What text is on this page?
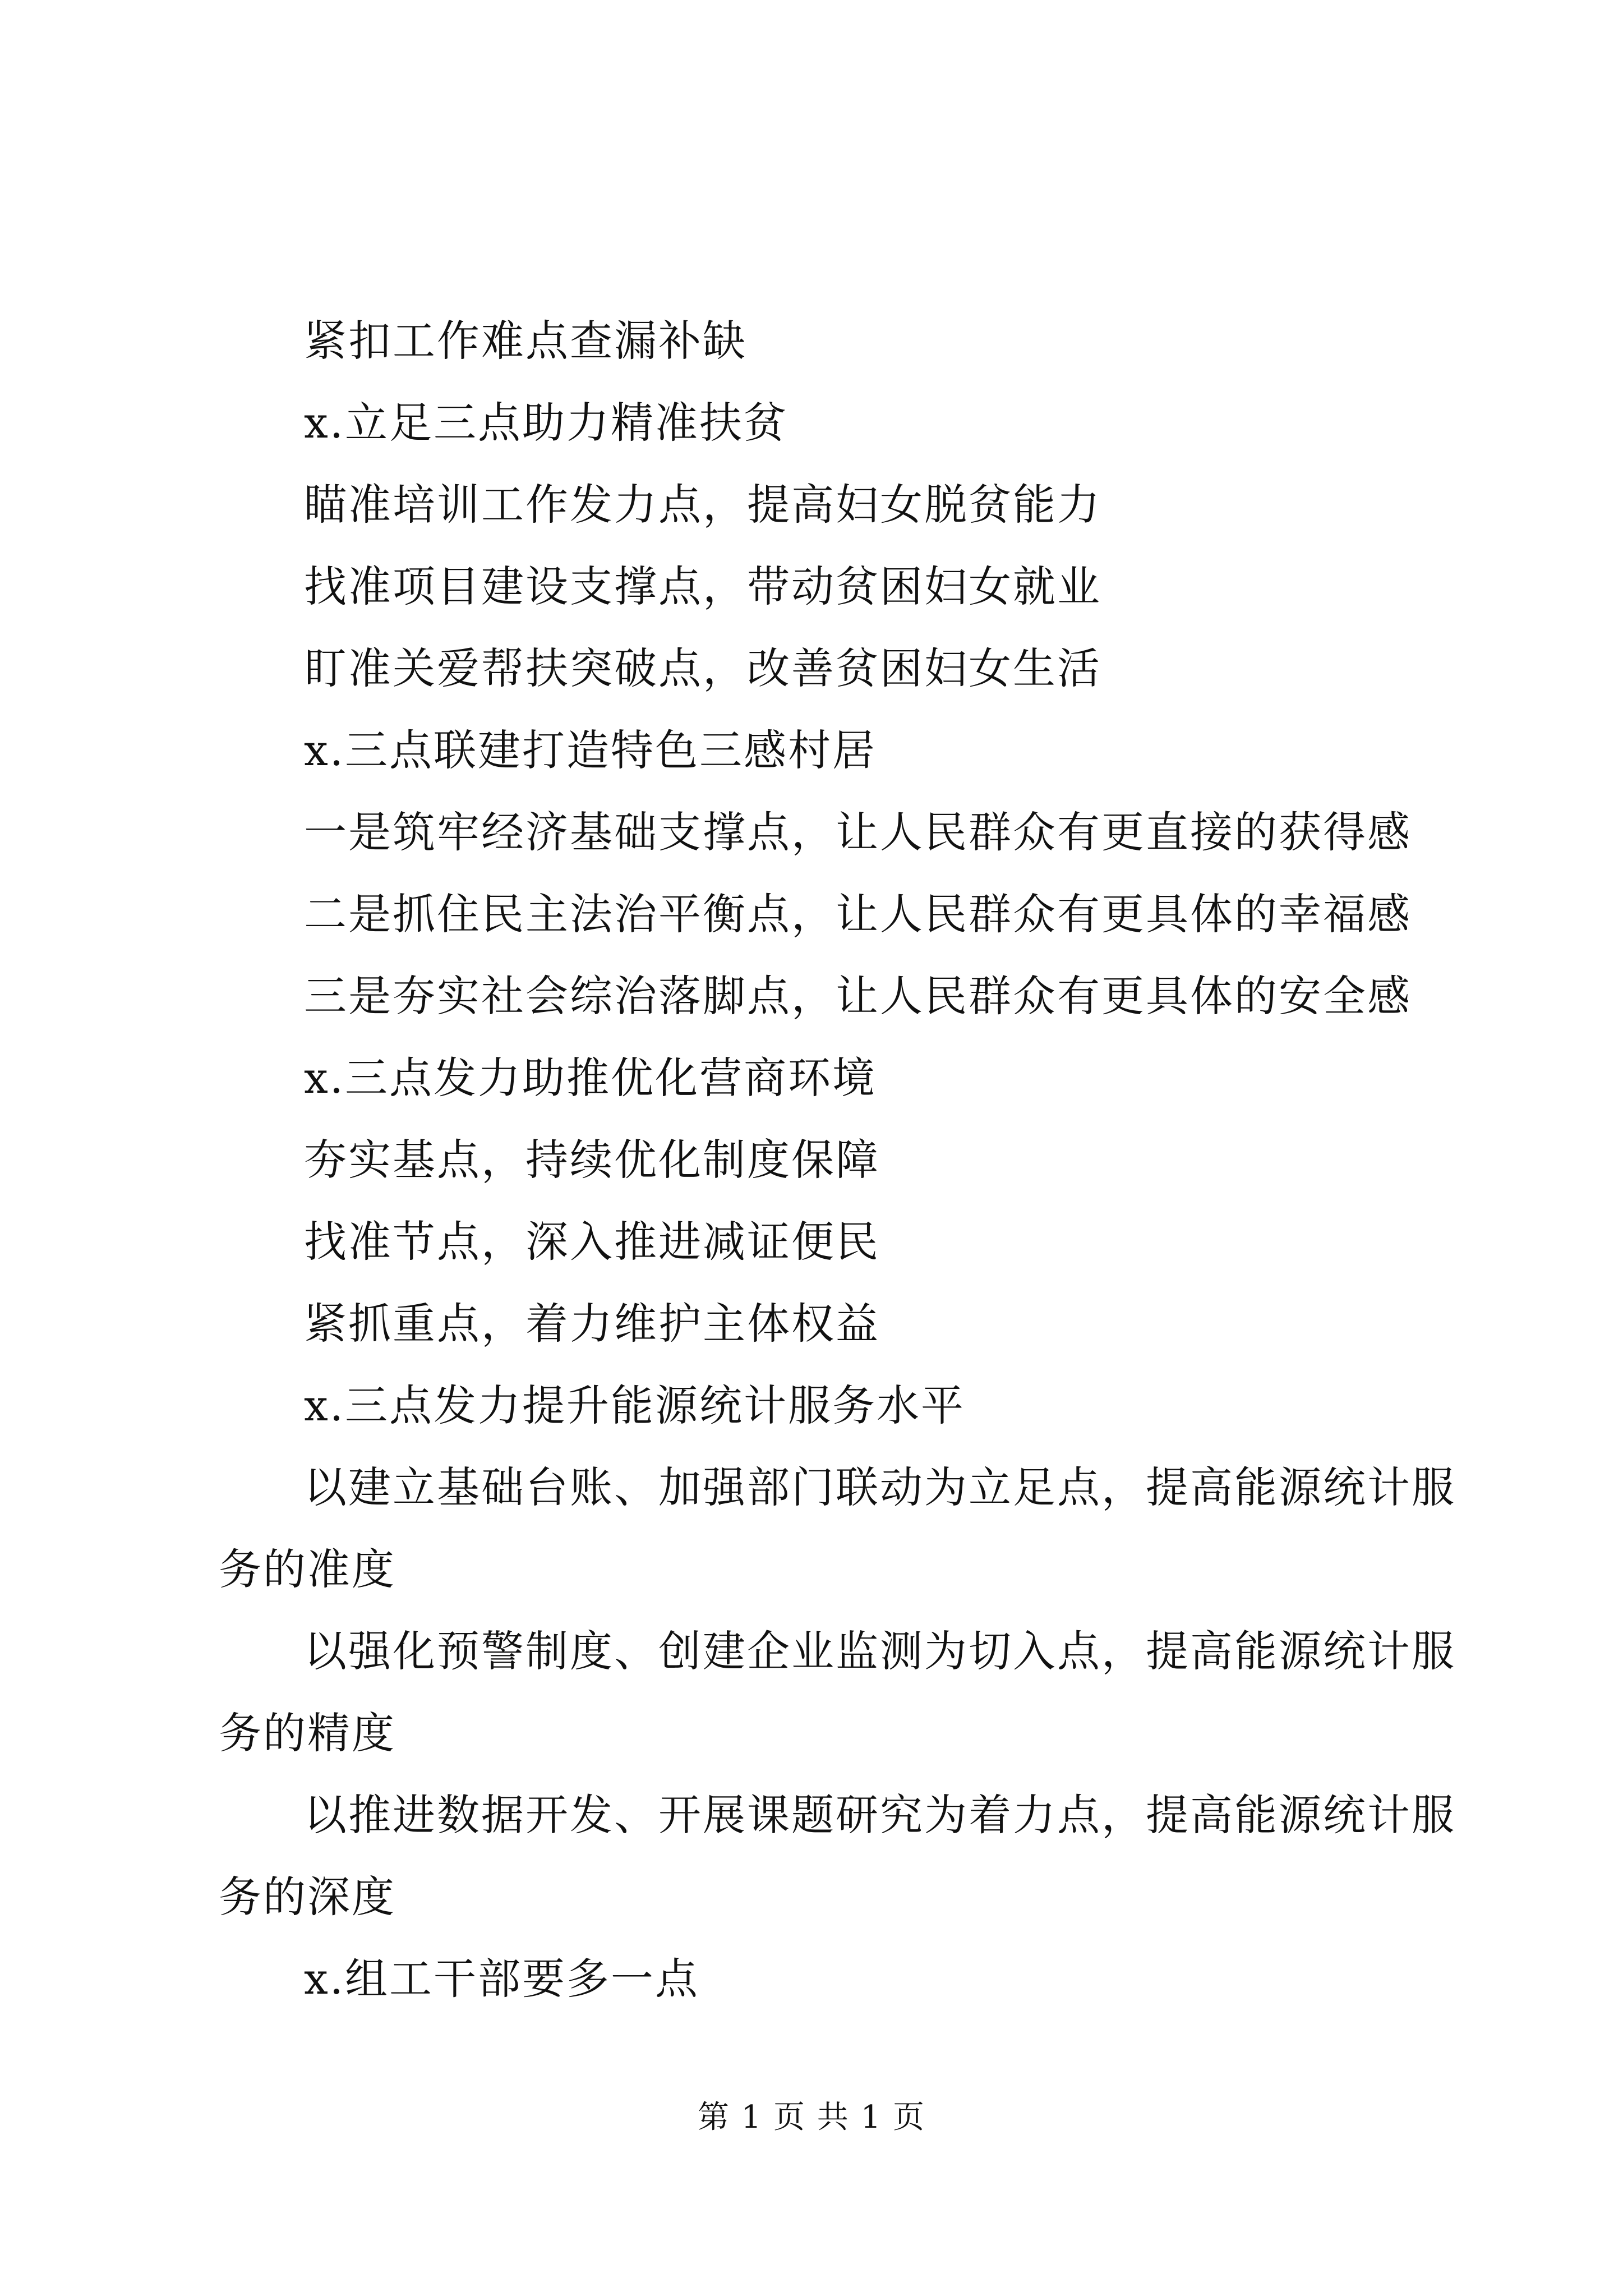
紧扣工作难点查漏补缺
x.立足三点助力精准扶贫
瞄准培训工作发力点，提高妇女脱贫能力
找准项目建设支撑点，带动贫困妇女就业
盯准关爱帮扶突破点，改善贫困妇女生活
x.三点联建打造特色三感村居
一是筑牢经济基础支撑点，让人民群众有更直接的获得感
二是抓住民主法治平衡点，让人民群众有更具体的幸福感
三是夯实社会综治落脚点，让人民群众有更具体的安全感
x.三点发力助推优化营商环境
夯实基点，持续优化制度保障
找准节点，深入推进减证便民
紧抓重点，着力维护主体权益
x.三点发力提升能源统计服务水平
以建立基础台账、加强部门联动为立足点，提高能源统计服
务的准度
以强化预警制度、创建企业监测为切入点，提高能源统计服
务的精度
以推进数据开发、开展课题研究为着力点，提高能源统计服
务的深度
x.组工干部要多一点
第 1 页 共 1 页
